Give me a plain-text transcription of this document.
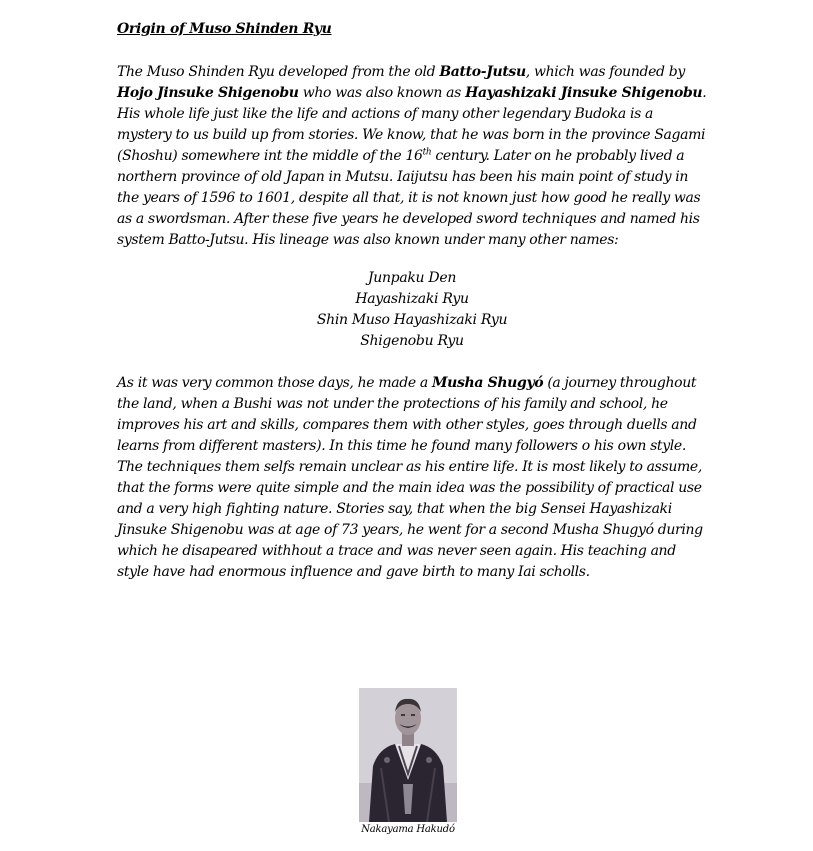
Origin of Muso Shinden Ryu

The Muso Shinden Ryu developed from the old Batto-Jutsu, which was founded by Hojo Jinsuke Shigenobu who was also known as Hayashizaki Jinsuke Shigenobu. His whole life just like the life and actions of many other legendary Budoka is a mystery to us build up from stories. We know, that he was born in the province Sagami (Shoshu) somewhere int the middle of the 16th century. Later on he probably lived a northern province of old Japan in Mutsu. Iaijutsu has been his main point of study in the years of 1596 to 1601, despite all that, it is not known just how good he really was as a swordsman. After these five years he developed sword techniques and named his system Batto-Jutsu. His lineage was also known under many other names:

Junpaku Den
Hayashizaki Ryu
Shin Muso Hayashizaki Ryu
Shigenobu Ryu

As it was very common those days, he made a Musha Shugyó (a journey throughout the land, when a Bushi was not under the protections of his family and school, he improves his art and skills, compares them with other styles, goes through duells and learns from different masters). In this time he found many followers o his own style. The techniques them selfs remain unclear as his entire life. It is most likely to assume, that the forms were quite simple and the main idea was the possibility of practical use and a very high fighting nature. Stories say, that when the big Sensei Hayashizaki Jinsuke Shigenobu was at age of 73 years, he went for a second Musha Shugyó during which he disapeared withhout a trace and was never seen again. His teaching and style have had enormous influence and gave birth to many Iai scholls.

Nakayama Hakudó
